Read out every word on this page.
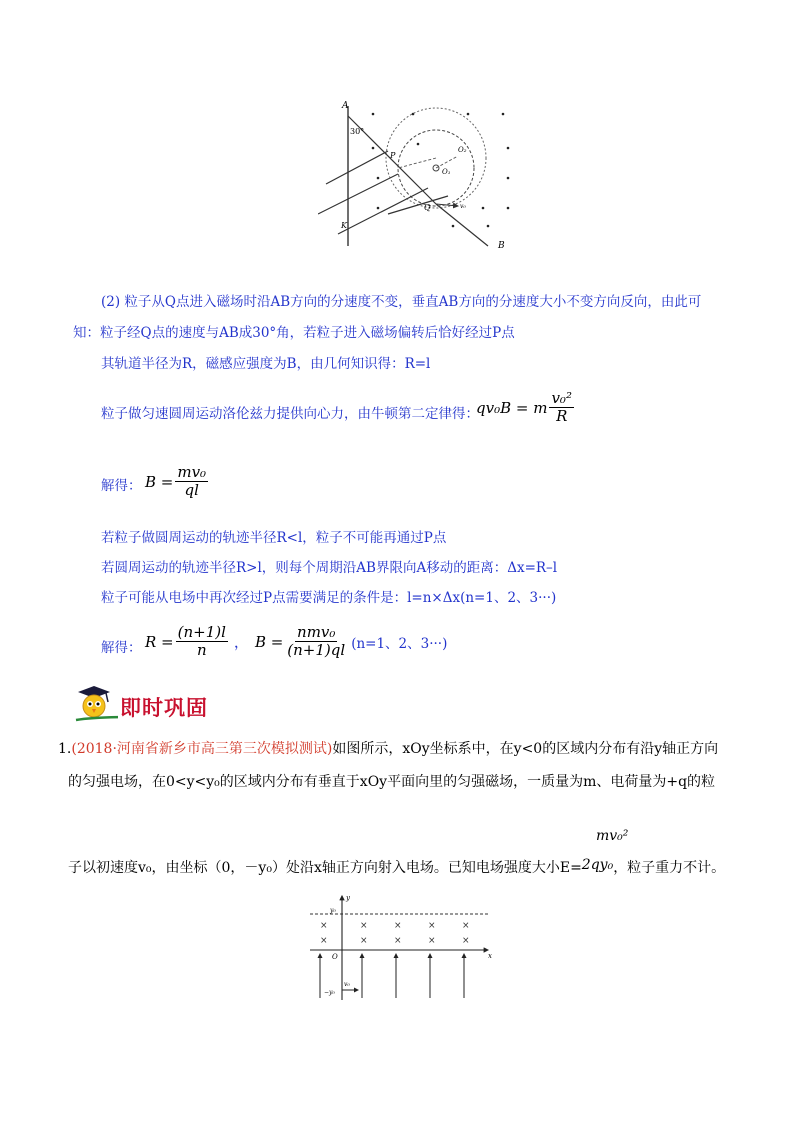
A
30°
K
B
P
Q
O₁
O₂
v₀
(2) 粒子从Q点进入磁场时沿AB方向的分速度不变，垂直AB方向的分速度大小不变方向反向，由此可
知：粒子经Q点的速度与AB成30°角，若粒子进入磁场偏转后恰好经过P点
其轨道半径为R，磁感应强度为B，由几何知识得：R=l
粒子做匀速圆周运动洛伦兹力提供向心力，由牛顿第二定律得：
qv₀B = m $\frac{\text{v₀²}}{R}$
解得： $B = \frac{\text{mv₀}}{ql}$
若粒子做圆周运动的轨迹半径R<l，粒子不可能再通过P点
若圆周运动的轨迹半径R>l，则每个周期沿AB界限向A移动的距离：Δx=R–l
粒子可能从电场中再次经过P点需要满足的条件是：l=n×Δx(n=1、2、3···)
解得： $R = \frac{(n+1)l}{n}$ ， $B = \frac{\text{nmv₀}}{(n+1)ql} (n=1$、2、3···)
即时巩固
1.(2018·河南省新乡市高三第三次模拟测试)如图所示，xOy坐标系中，在y<0的区域内分布有沿y轴正方向
的匀强电场，在0<y<y₀的区域内分布有垂直于xOy平面向里的匀强磁场，一质量为m、电荷量为+q的粒
mv₀²
子以初速度v₀，由坐标（0，－y₀）处沿x轴正方向射入电场。已知电场强度大小E=2qy₀，粒子重力不计。
×	×	×	×	×
×	×	×	×	×
y
x
O
y₀
−y₀
v₀
